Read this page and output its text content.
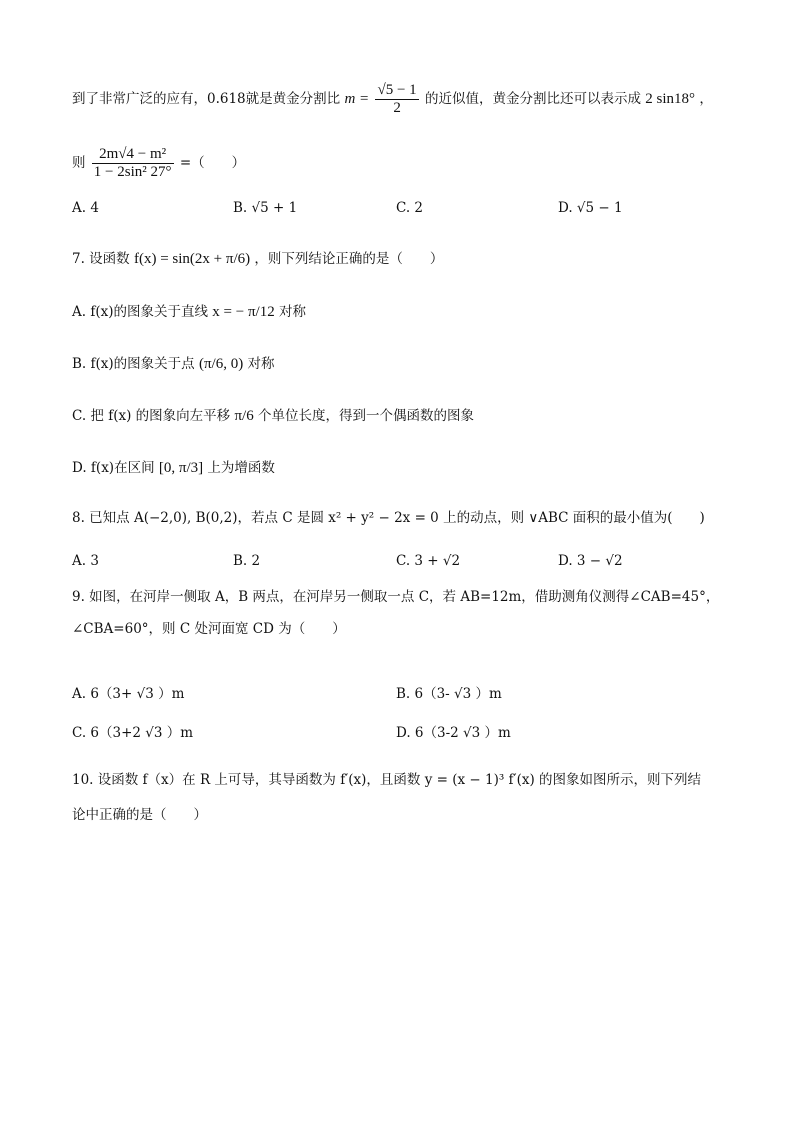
到了非常广泛的应有，0.618就是黄金分割比 $m = \frac{√5 - 1}{2}$ 的近似值，黄金分割比还可以表示成 2 sin18° ，
则 $\frac{\text{2m√4 − m²}}{\text{1 − 2sin² 27°}}$ =（　　）
A. 4	B. √5 + 1	C. 2	D. √5 − 1
7. 设函数 f(x) = sin(2x + π/6) ，则下列结论正确的是（　　）
A. f(x)的图象关于直线 x = − π/12 对称
B. f(x)的图象关于点 (π/6, 0) 对称
C. 把 f(x) 的图象向左平移 π/6 个单位长度，得到一个偶函数的图象
D. f(x)在区间 [0, π/3] 上为增函数
8. 已知点 A(−2,0), B(0,2)，若点 C 是圆 x² + y² − 2x = 0 上的动点，则 ∨ABC 面积的最小值为(　　)
A. 3	B. 2	C. 3 + √2	D. 3 − √2
9. 如图，在河岸一侧取 A，B 两点，在河岸另一侧取一点 C，若 AB=12m，借助测角仪测得∠CAB=45°，
∠CBA=60°，则 C 处河面宽 CD 为（　　）
A. 6（3+ √3 ）m	B. 6（3- √3 ）m
C. 6（3+2 √3 ）m	D. 6（3-2 √3 ）m
10. 设函数 f（x）在 R 上可导，其导函数为 f′(x)，且函数 y = (x − 1)³ f′(x) 的图象如图所示，则下列结
论中正确的是（　　）
